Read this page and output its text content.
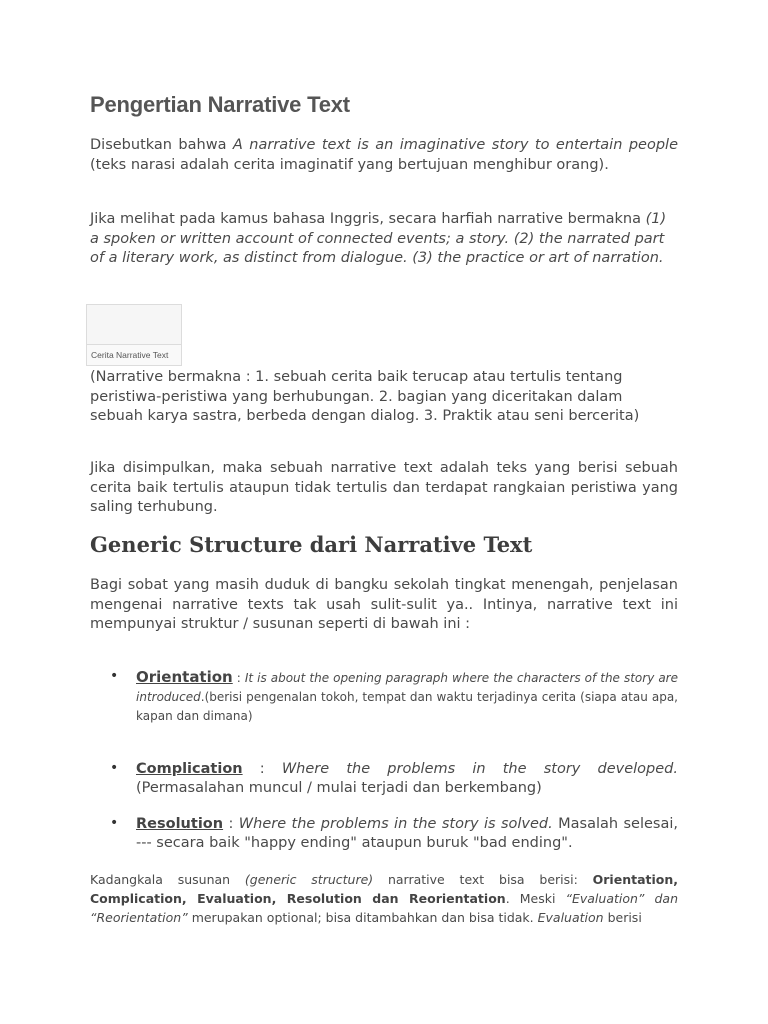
Pengertian Narrative Text
Disebutkan bahwa A narrative text is an imaginative story to entertain people (teks narasi adalah cerita imaginatif yang bertujuan menghibur orang).
Jika melihat pada kamus bahasa Inggris, secara harfiah narrative bermakna (1) a spoken or written account of connected events; a story. (2) the narrated part of a literary work, as distinct from dialogue. (3) the practice or art of narration.
(Narrative bermakna : 1. sebuah cerita baik terucap atau tertulis tentang peristiwa-peristiwa yang berhubungan. 2. bagian yang diceritakan dalam sebuah karya sastra, berbeda dengan dialog. 3. Praktik atau seni bercerita)
Jika disimpulkan, maka sebuah narrative text adalah teks yang berisi sebuah cerita baik tertulis ataupun tidak tertulis dan terdapat rangkaian peristiwa yang saling terhubung.
Generic Structure dari Narrative Text
Bagi sobat yang masih duduk di bangku sekolah tingkat menengah, penjelasan mengenai narrative texts tak usah sulit-sulit ya.. Intinya, narrative text ini mempunyai struktur / susunan seperti di bawah ini :
Cerita Narrative Text
• Orientation : It is about the opening paragraph where the characters of the story are introduced.(berisi pengenalan tokoh, tempat dan waktu terjadinya cerita (siapa atau apa, kapan dan dimana)
• Complication : Where the problems in the story developed. (Permasalahan muncul / mulai terjadi dan berkembang)
• Resolution : Where the problems in the story is solved. Masalah selesai, --- secara baik "happy ending" ataupun buruk "bad ending".
Kadangkala susunan (generic structure) narrative text bisa berisi: Orientation, Complication, Evaluation, Resolution dan Reorientation. Meski “Evaluation” dan “Reorientation” merupakan optional; bisa ditambahkan dan bisa tidak. Evaluation berisi
